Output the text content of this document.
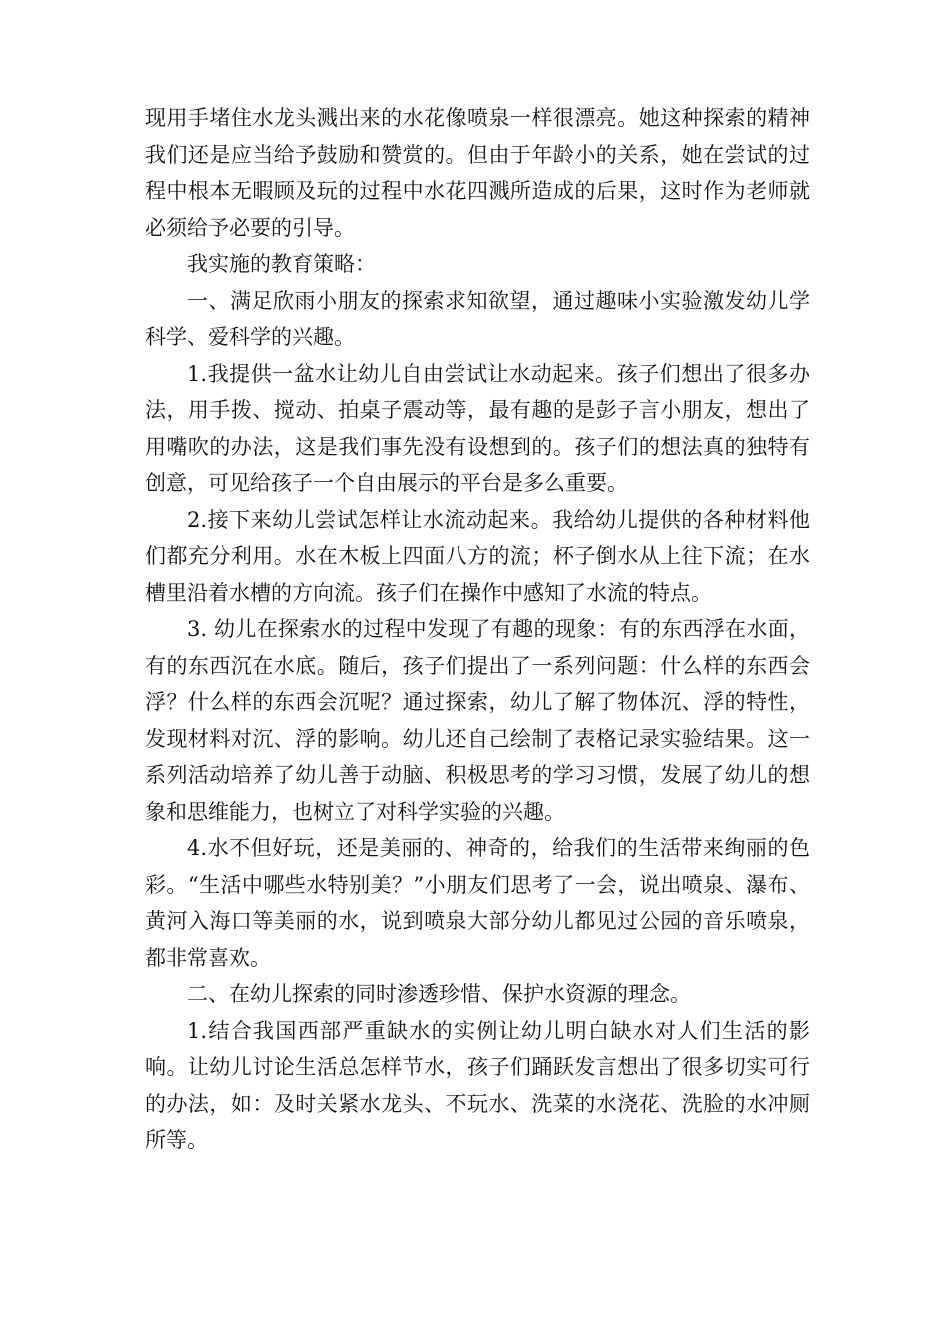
现用手堵住水龙头溅出来的水花像喷泉一样很漂亮。她这种探索的精神我们还是应当给予鼓励和赞赏的。但由于年龄小的关系，她在尝试的过程中根本无暇顾及玩的过程中水花四溅所造成的后果，这时作为老师就必须给予必要的引导。

我实施的教育策略：

一、满足欣雨小朋友的探索求知欲望，通过趣味小实验激发幼儿学科学、爱科学的兴趣。

1.我提供一盆水让幼儿自由尝试让水动起来。孩子们想出了很多办法，用手拨、搅动、拍桌子震动等，最有趣的是彭子言小朋友，想出了用嘴吹的办法，这是我们事先没有设想到的。孩子们的想法真的独特有创意，可见给孩子一个自由展示的平台是多么重要。

2.接下来幼儿尝试怎样让水流动起来。我给幼儿提供的各种材料他们都充分利用。水在木板上四面八方的流；杯子倒水从上往下流；在水槽里沿着水槽的方向流。孩子们在操作中感知了水流的特点。

3. 幼儿在探索水的过程中发现了有趣的现象：有的东西浮在水面，有的东西沉在水底。随后，孩子们提出了一系列问题：什么样的东西会浮？什么样的东西会沉呢？通过探索，幼儿了解了物体沉、浮的特性，发现材料对沉、浮的影响。幼儿还自己绘制了表格记录实验结果。这一系列活动培养了幼儿善于动脑、积极思考的学习习惯，发展了幼儿的想象和思维能力，也树立了对科学实验的兴趣。

4.水不但好玩，还是美丽的、神奇的，给我们的生活带来绚丽的色彩。“生活中哪些水特别美？”小朋友们思考了一会，说出喷泉、瀑布、黄河入海口等美丽的水，说到喷泉大部分幼儿都见过公园的音乐喷泉，都非常喜欢。

二、在幼儿探索的同时渗透珍惜、保护水资源的理念。

1.结合我国西部严重缺水的实例让幼儿明白缺水对人们生活的影响。让幼儿讨论生活总怎样节水，孩子们踊跃发言想出了很多切实可行的办法，如：及时关紧水龙头、不玩水、洗菜的水浇花、洗脸的水冲厕所等。
